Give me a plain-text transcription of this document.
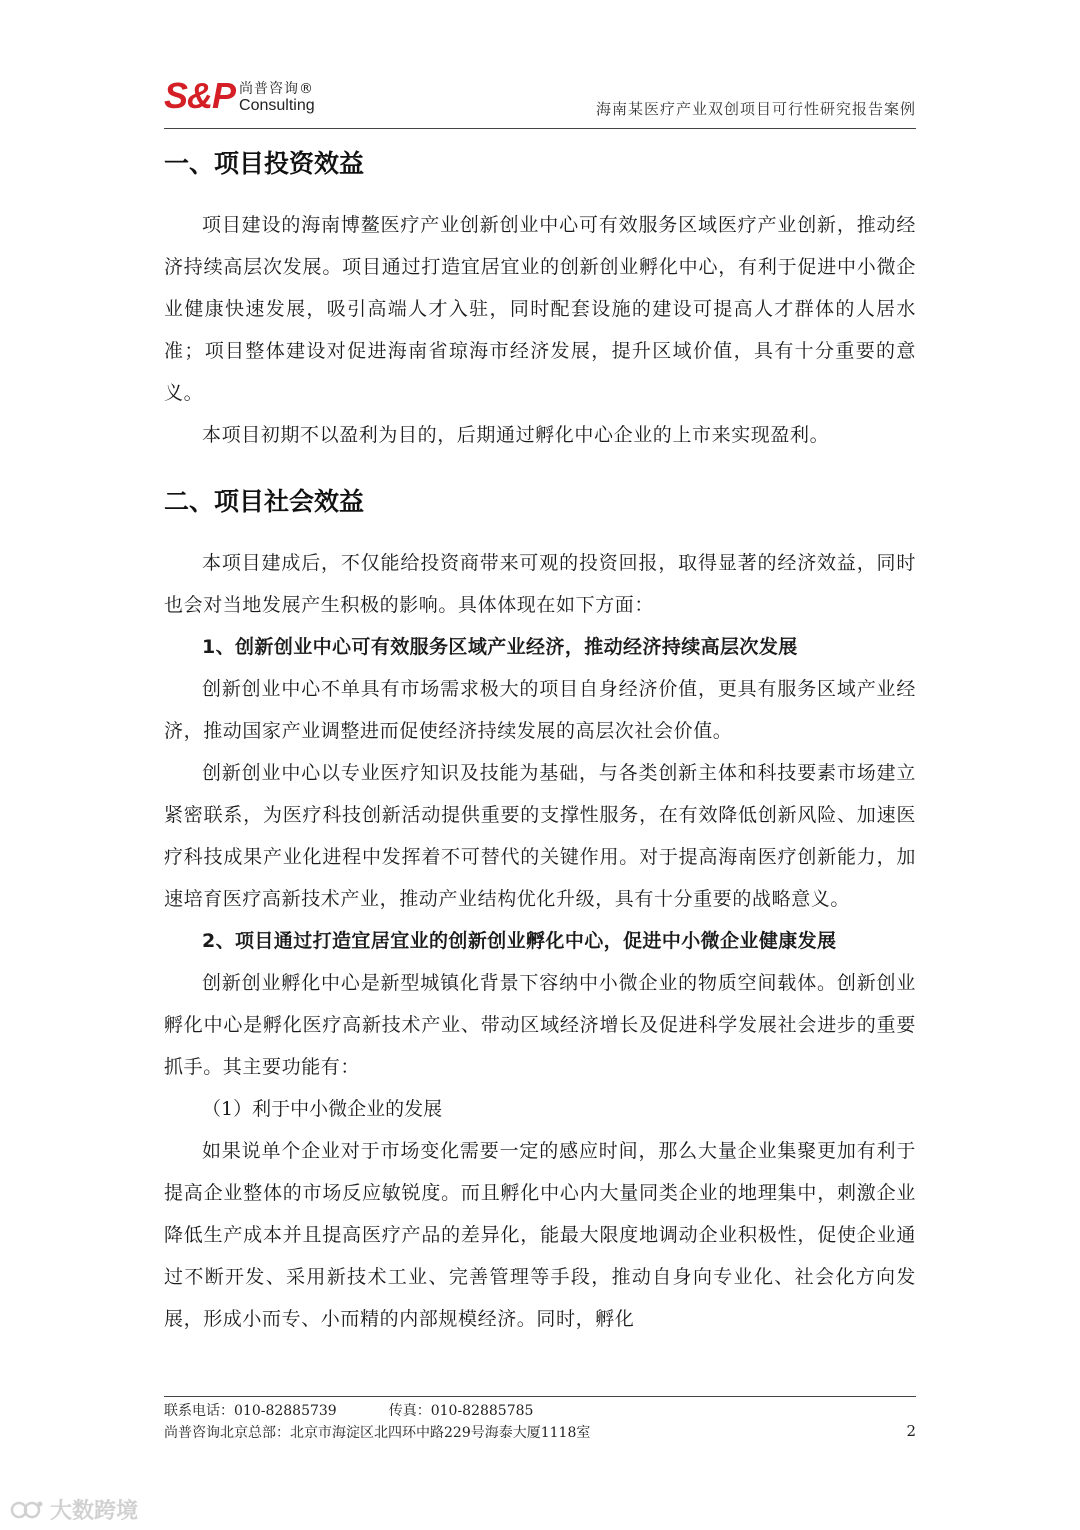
S&P 尚普咨询®
Consulting	海南某医疗产业双创项目可行性研究报告案例
一、项目投资效益

项目建设的海南博鳌医疗产业创新创业中心可有效服务区域医疗产业创新，推动经济持续高层次发展。项目通过打造宜居宜业的创新创业孵化中心，有利于促进中小微企业健康快速发展，吸引高端人才入驻，同时配套设施的建设可提高人才群体的人居水准；项目整体建设对促进海南省琼海市经济发展，提升区域价值，具有十分重要的意义。

本项目初期不以盈利为目的，后期通过孵化中心企业的上市来实现盈利。

二、项目社会效益

本项目建成后，不仅能给投资商带来可观的投资回报，取得显著的经济效益，同时也会对当地发展产生积极的影响。具体体现在如下方面：

1、创新创业中心可有效服务区域产业经济，推动经济持续高层次发展

创新创业中心不单具有市场需求极大的项目自身经济价值，更具有服务区域产业经济，推动国家产业调整进而促使经济持续发展的高层次社会价值。

创新创业中心以专业医疗知识及技能为基础，与各类创新主体和科技要素市场建立紧密联系，为医疗科技创新活动提供重要的支撑性服务，在有效降低创新风险、加速医疗科技成果产业化进程中发挥着不可替代的关键作用。对于提高海南医疗创新能力，加速培育医疗高新技术产业，推动产业结构优化升级，具有十分重要的战略意义。

2、项目通过打造宜居宜业的创新创业孵化中心，促进中小微企业健康发展

创新创业孵化中心是新型城镇化背景下容纳中小微企业的物质空间载体。创新创业孵化中心是孵化医疗高新技术产业、带动区域经济增长及促进科学发展社会进步的重要抓手。其主要功能有：

（1）利于中小微企业的发展

如果说单个企业对于市场变化需要一定的感应时间，那么大量企业集聚更加有利于提高企业整体的市场反应敏锐度。而且孵化中心内大量同类企业的地理集中，刺激企业降低生产成本并且提高医疗产品的差异化，能最大限度地调动企业积极性，促使企业通过不断开发、采用新技术工业、完善管理等手段，推动自身向专业化、社会化方向发展，形成小而专、小而精的内部规模经济。同时，孵化

联系电话：010-82885739	传真：010-82885785
尚普咨询北京总部：北京市海淀区北四环中路229号海泰大厦1118室	2
大数跨境
